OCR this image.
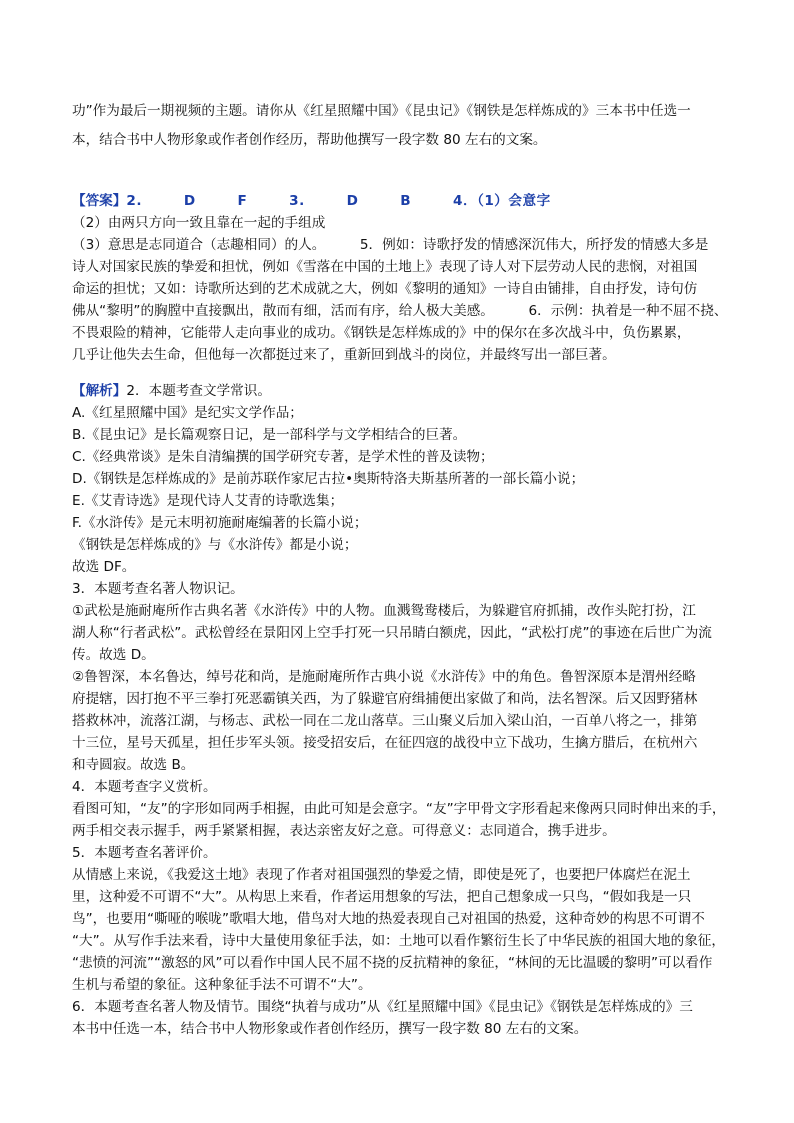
功”作为最后一期视频的主题。请你从《红星照耀中国》《昆虫记》《钢铁是怎样炼成的》三本书中任选一
本，结合书中人物形象或作者创作经历，帮助他撰写一段字数 80 左右的文案。
【答案】2.        D        F        3.        D        B        4．（1）会意字
（2）由两只方向一致且靠在一起的手组成
（3）意思是志同道合（志趣相同）的人。        5．例如：诗歌抒发的情感深沉伟大，所抒发的情感大多是
诗人对国家民族的挚爱和担忧，例如《雪落在中国的土地上》表现了诗人对下层劳动人民的悲悯，对祖国
命运的担忧；又如：诗歌所达到的艺术成就之大，例如《黎明的通知》一诗自由铺排，自由抒发，诗句仿
佛从“黎明”的胸膛中直接飘出，散而有细，活而有序，给人极大美感。        6．示例：执着是一种不屈不挠、
不畏艰险的精神，它能带人走向事业的成功。《钢铁是怎样炼成的》中的保尔在多次战斗中，负伤累累，
几乎让他失去生命，但他每一次都挺过来了，重新回到战斗的岗位，并最终写出一部巨著。
【解析】2．本题考查文学常识。
A.《红星照耀中国》是纪实文学作品；
B.《昆虫记》是长篇观察日记，是一部科学与文学相结合的巨著。
C.《经典常谈》是朱自清编撰的国学研究专著，是学术性的普及读物；
D.《钢铁是怎样炼成的》是前苏联作家尼古拉•奥斯特洛夫斯基所著的一部长篇小说；
E.《艾青诗选》是现代诗人艾青的诗歌选集；
F.《水浒传》是元末明初施耐庵编著的长篇小说；
《钢铁是怎样炼成的》与《水浒传》都是小说；
故选 DF。
3．本题考查名著人物识记。
①武松是施耐庵所作古典名著《水浒传》中的人物。血溅鸳鸯楼后，为躲避官府抓捕，改作头陀打扮，江
湖人称“行者武松”。武松曾经在景阳冈上空手打死一只吊睛白额虎，因此，“武松打虎”的事迹在后世广为流
传。故选 D。
②鲁智深，本名鲁达，绰号花和尚，是施耐庵所作古典小说《水浒传》中的角色。鲁智深原本是渭州经略
府提辖，因打抱不平三拳打死恶霸镇关西，为了躲避官府缉捕便出家做了和尚，法名智深。后又因野猪林
搭救林冲，流落江湖，与杨志、武松一同在二龙山落草。三山聚义后加入梁山泊，一百单八将之一，排第
十三位，星号天孤星，担任步军头领。接受招安后，在征四寇的战役中立下战功，生擒方腊后，在杭州六
和寺圆寂。故选 B。
4．本题考查字义赏析。
看图可知，“友”的字形如同两手相握，由此可知是会意字。“友”字甲骨文字形看起来像两只同时伸出来的手，
两手相交表示握手，两手紧紧相握，表达亲密友好之意。可得意义：志同道合，携手进步。
5．本题考查名著评价。
从情感上来说，《我爱这土地》表现了作者对祖国强烈的挚爱之情，即使是死了，也要把尸体腐烂在泥土
里，这种爱不可谓不“大”。从构思上来看，作者运用想象的写法，把自己想象成一只鸟，“假如我是一只
鸟”，也要用“嘶哑的喉咙”歌唱大地，借鸟对大地的热爱表现自己对祖国的热爱，这种奇妙的构思不可谓不
“大”。从写作手法来看，诗中大量使用象征手法，如：土地可以看作繁衍生长了中华民族的祖国大地的象征，
“悲愤的河流”“激怒的风”可以看作中国人民不屈不挠的反抗精神的象征，“林间的无比温暖的黎明”可以看作
生机与希望的象征。这种象征手法不可谓不“大”。
6．本题考查名著人物及情节。围绕“执着与成功”从《红星照耀中国》《昆虫记》《钢铁是怎样炼成的》三
本书中任选一本，结合书中人物形象或作者创作经历，撰写一段字数 80 左右的文案。
